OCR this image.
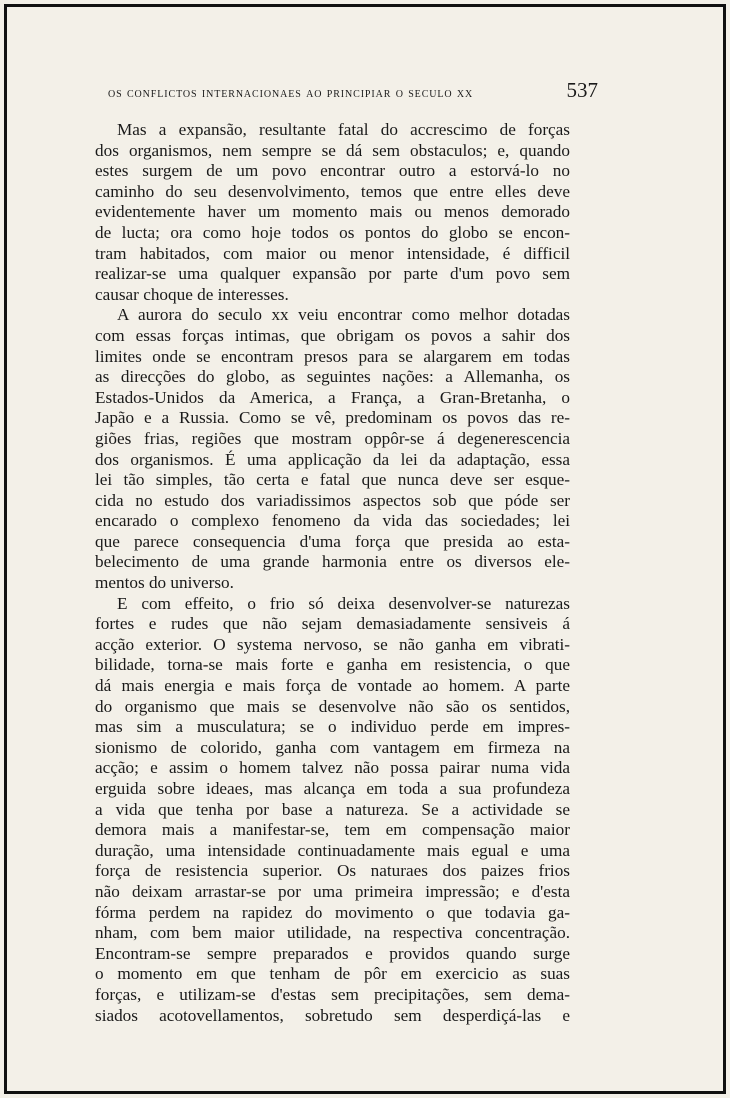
os conflictos internacionaes ao principiar o seculo xx	537
Mas a expansão, resultante fatal do accrescimo de forças
dos organismos, nem sempre se dá sem obstaculos; e, quando
estes surgem de um povo encontrar outro a estorvá-lo no
caminho do seu desenvolvimento, temos que entre elles deve
evidentemente haver um momento mais ou menos demorado
de lucta; ora como hoje todos os pontos do globo se encon-
tram habitados, com maior ou menor intensidade, é difficil
realizar-se uma qualquer expansão por parte d'um povo sem
causar choque de interesses.
A aurora do seculo xx veiu encontrar como melhor dotadas
com essas forças intimas, que obrigam os povos a sahir dos
limites onde se encontram presos para se alargarem em todas
as direcções do globo, as seguintes nações: a Allemanha, os
Estados-Unidos da America, a França, a Gran-Bretanha, o
Japão e a Russia. Como se vê, predominam os povos das re-
giões frias, regiões que mostram oppôr-se á degenerescencia
dos organismos. É uma applicação da lei da adaptação, essa
lei tão simples, tão certa e fatal que nunca deve ser esque-
cida no estudo dos variadissimos aspectos sob que póde ser
encarado o complexo fenomeno da vida das sociedades; lei
que parece consequencia d'uma força que presida ao esta-
belecimento de uma grande harmonia entre os diversos ele-
mentos do universo.
E com effeito, o frio só deixa desenvolver-se naturezas
fortes e rudes que não sejam demasiadamente sensiveis á
acção exterior. O systema nervoso, se não ganha em vibrati-
bilidade, torna-se mais forte e ganha em resistencia, o que
dá mais energia e mais força de vontade ao homem. A parte
do organismo que mais se desenvolve não são os sentidos,
mas sim a musculatura; se o individuo perde em impres-
sionismo de colorido, ganha com vantagem em firmeza na
acção; e assim o homem talvez não possa pairar numa vida
erguida sobre ideaes, mas alcança em toda a sua profundeza
a vida que tenha por base a natureza. Se a actividade se
demora mais a manifestar-se, tem em compensação maior
duração, uma intensidade continuadamente mais egual e uma
força de resistencia superior. Os naturaes dos paizes frios
não deixam arrastar-se por uma primeira impressão; e d'esta
fórma perdem na rapidez do movimento o que todavia ga-
nham, com bem maior utilidade, na respectiva concentração.
Encontram-se sempre preparados e providos quando surge
o momento em que tenham de pôr em exercicio as suas
forças, e utilizam-se d'estas sem precipitações, sem dema-
siados acotovellamentos, sobretudo sem desperdiçá-las e
